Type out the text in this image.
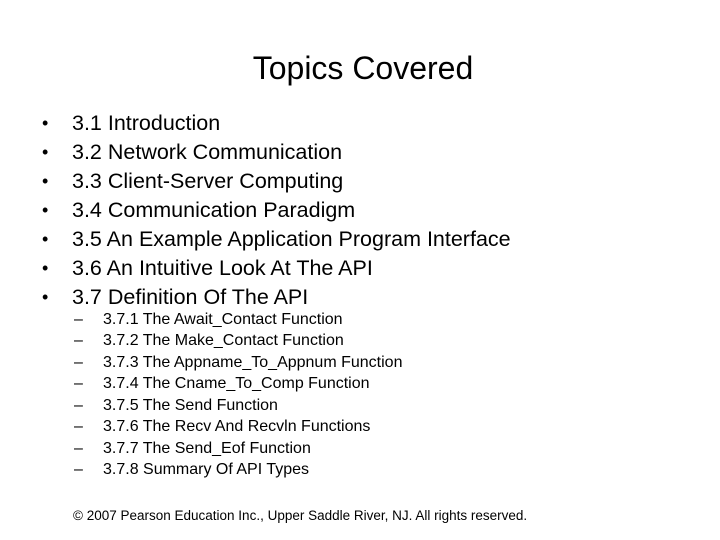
Topics Covered
•	3.1 Introduction
•	3.2 Network Communication
•	3.3 Client-Server Computing
•	3.4 Communication Paradigm
•	3.5 An Example Application Program Interface
•	3.6 An Intuitive Look At The API
•	3.7 Definition Of The API
–	3.7.1 The Await_Contact Function
–	3.7.2 The Make_Contact Function
–	3.7.3 The Appname_To_Appnum Function
–	3.7.4 The Cname_To_Comp Function
–	3.7.5 The Send Function
–	3.7.6 The Recv And Recvln Functions
–	3.7.7 The Send_Eof Function
–	3.7.8 Summary Of API Types
© 2007 Pearson Education Inc., Upper Saddle River, NJ. All rights reserved.
